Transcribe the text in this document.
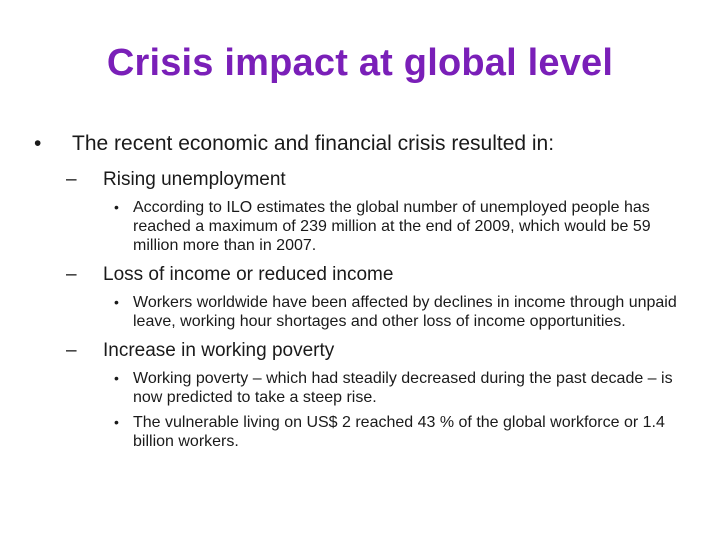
Crisis impact at global level
• The recent economic and financial crisis resulted in:
– Rising unemployment
• According to ILO estimates the global number of unemployed people has reached a maximum of 239 million at the end of 2009, which would be 59 million more than in 2007.
– Loss of income or reduced income
• Workers worldwide have been affected by declines in income through unpaid leave, working hour shortages and other loss of income opportunities.
– Increase in working poverty
• Working poverty – which had steadily decreased during the past decade – is now predicted to take a steep rise.
• The vulnerable living on US$ 2 reached 43 % of the global workforce or 1.4 billion workers.
